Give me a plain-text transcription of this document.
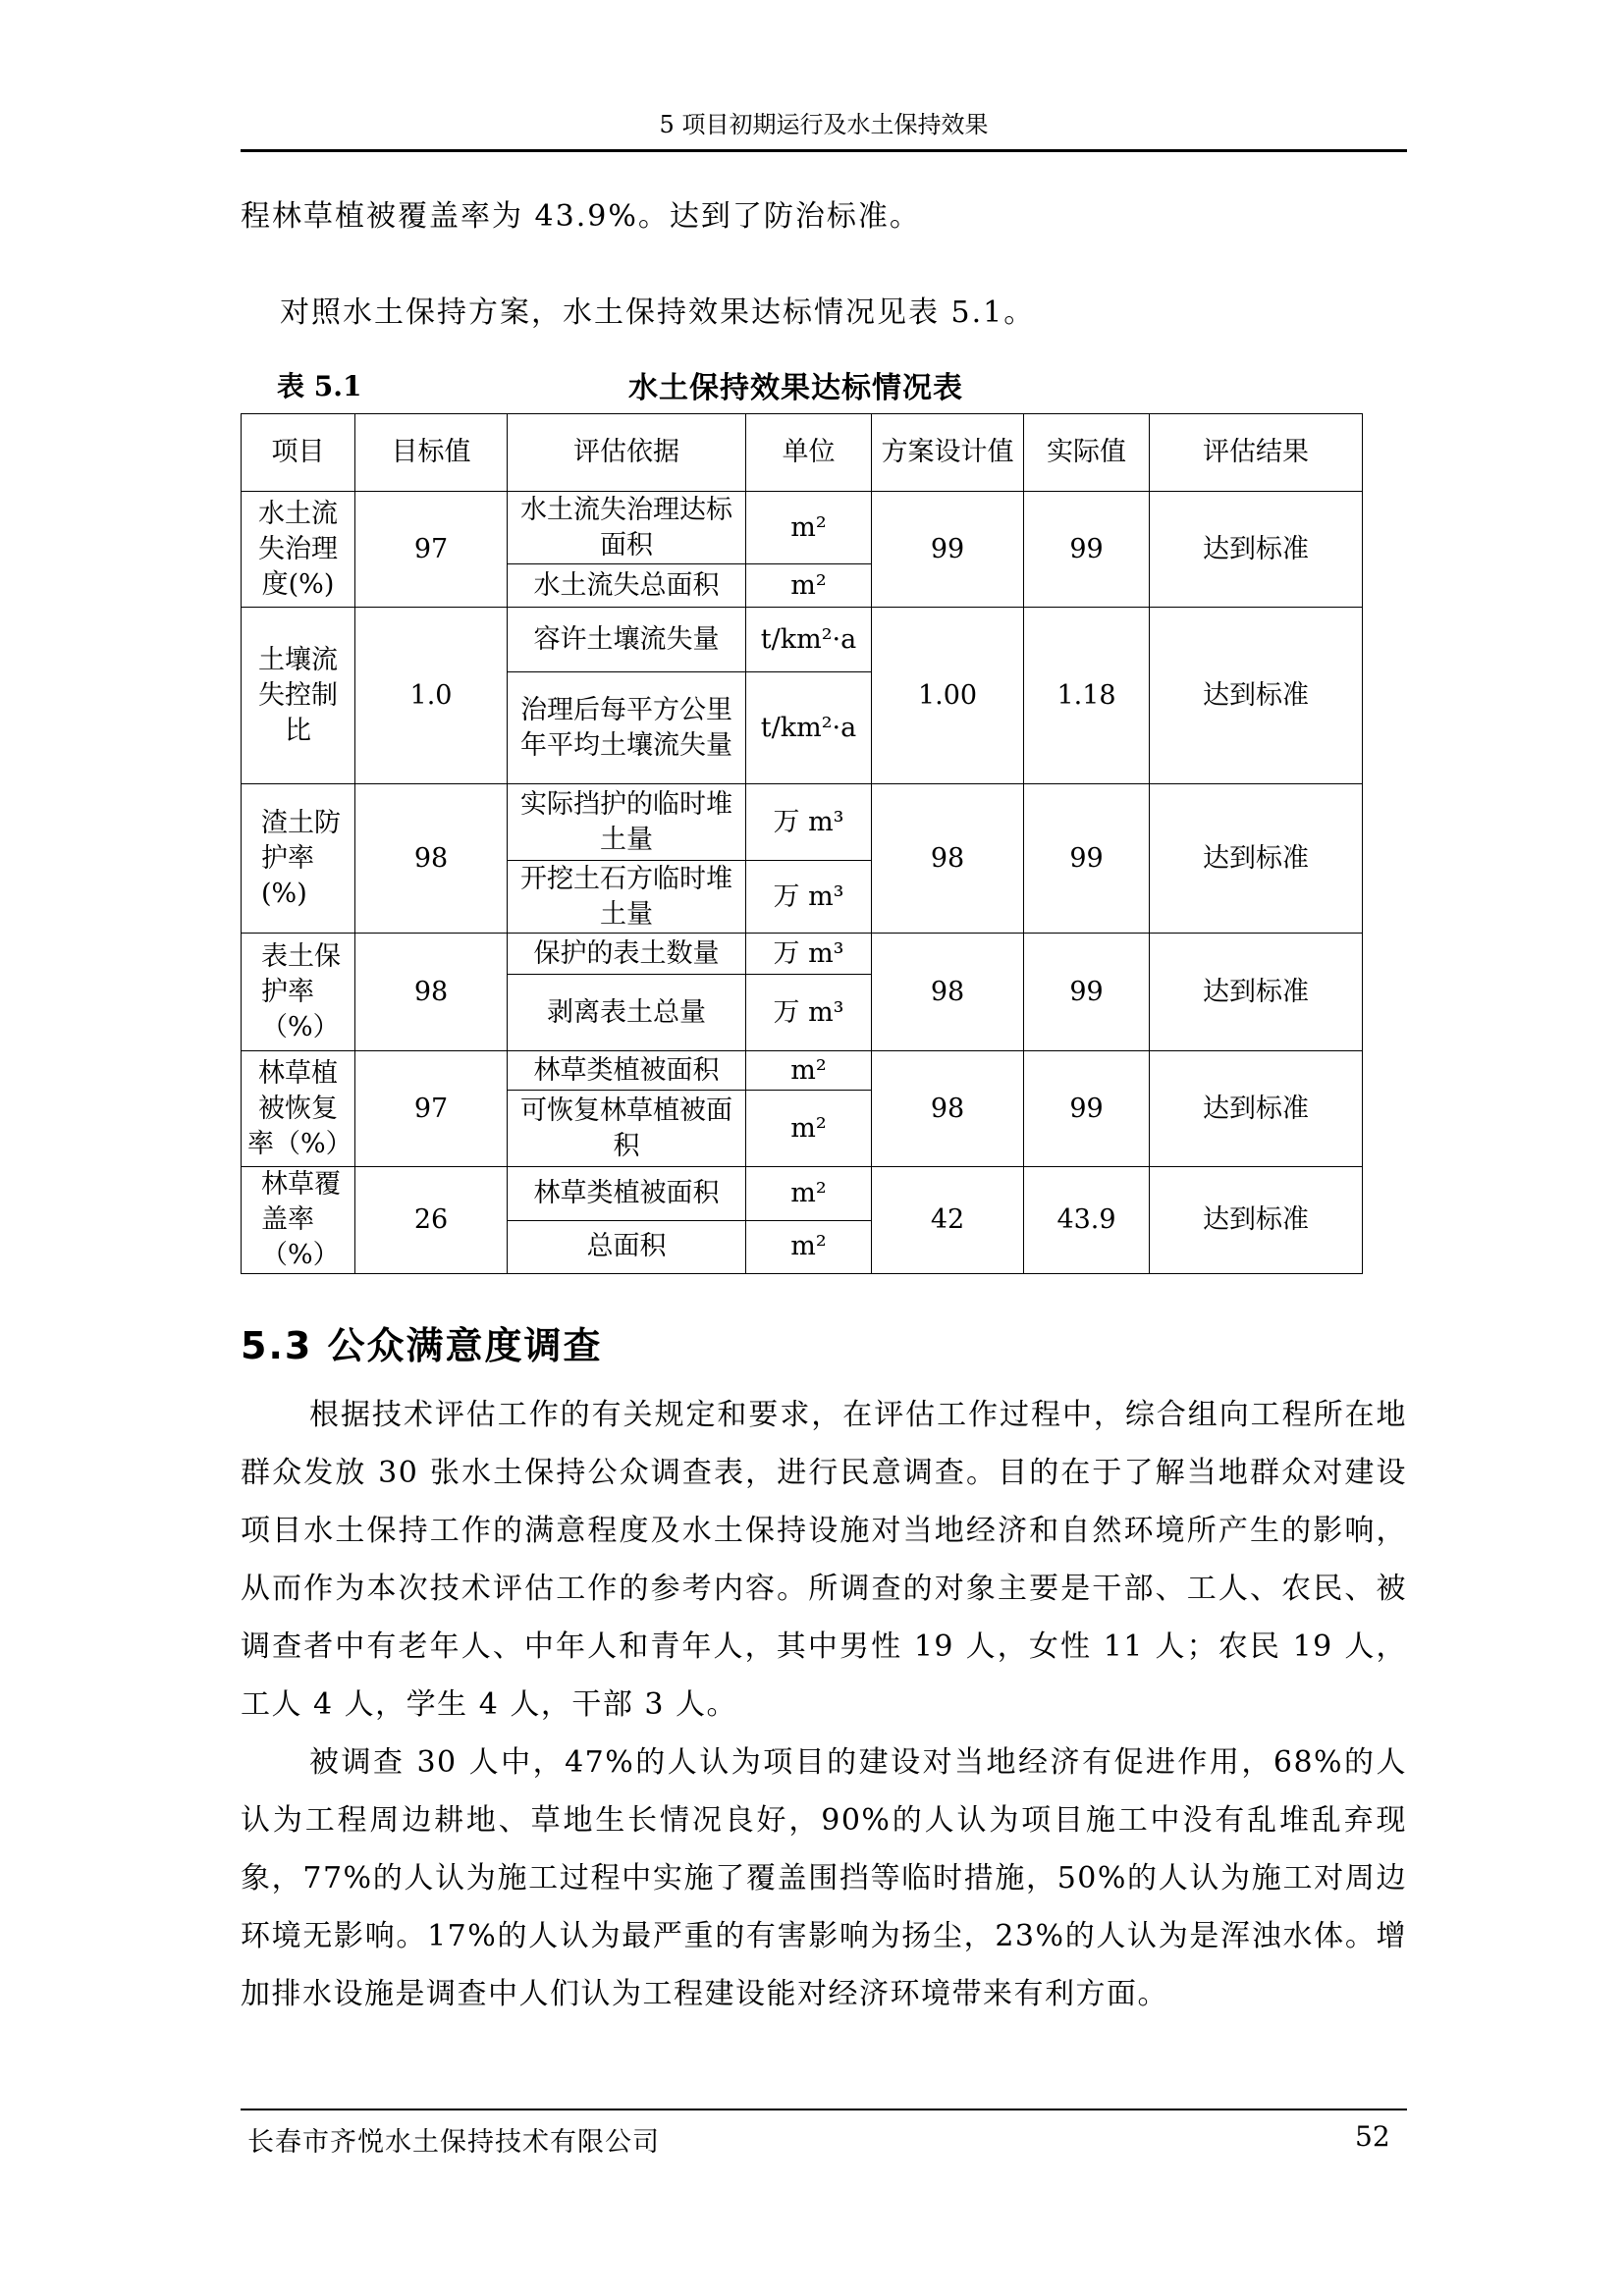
5 项目初期运行及水土保持效果

程林草植被覆盖率为 43.9%。达到了防治标准。

对照水土保持方案，水土保持效果达标情况见表 5.1。

表 5.1	水土保持效果达标情况表
项目	目标值	评估依据	单位	方案设计值	实际值	评估结果
水土流失治理度(%)	97	水土流失治理达标面积	m²	99	99	达到标准
		水土流失总面积	m²			
土壤流失控制比	1.0	容许土壤流失量	t/km²·a	1.00	1.18	达到标准
		治理后每平方公里年平均土壤流失量	t/km²·a			
渣土防护率(%)	98	实际挡护的临时堆土量	万 m³	98	99	达到标准
		开挖土石方临时堆土量	万 m³			
表土保护率（%）	98	保护的表土数量	万 m³	98	99	达到标准
		剥离表土总量	万 m³			
林草植被恢复率（%）	97	林草类植被面积	m²	98	99	达到标准
		可恢复林草植被面积	m²			
林草覆盖率（%）	26	林草类植被面积	m²	42	43.9	达到标准
		总面积	m²			
5.3 公众满意度调查

根据技术评估工作的有关规定和要求，在评估工作过程中，综合组向工程所在地群众发放 30 张水土保持公众调查表，进行民意调查。目的在于了解当地群众对建设项目水土保持工作的满意程度及水土保持设施对当地经济和自然环境所产生的影响，从而作为本次技术评估工作的参考内容。所调查的对象主要是干部、工人、农民、被调查者中有老年人、中年人和青年人，其中男性 19 人，女性 11 人；农民 19 人，工人 4 人，学生 4 人，干部 3 人。

被调查 30 人中，47%的人认为项目的建设对当地经济有促进作用，68%的人认为工程周边耕地、草地生长情况良好，90%的人认为项目施工中没有乱堆乱弃现象，77%的人认为施工过程中实施了覆盖围挡等临时措施，50%的人认为施工对周边环境无影响。17%的人认为最严重的有害影响为扬尘，23%的人认为是浑浊水体。增加排水设施是调查中人们认为工程建设能对经济环境带来有利方面。

长春市齐悦水土保持技术有限公司	52
